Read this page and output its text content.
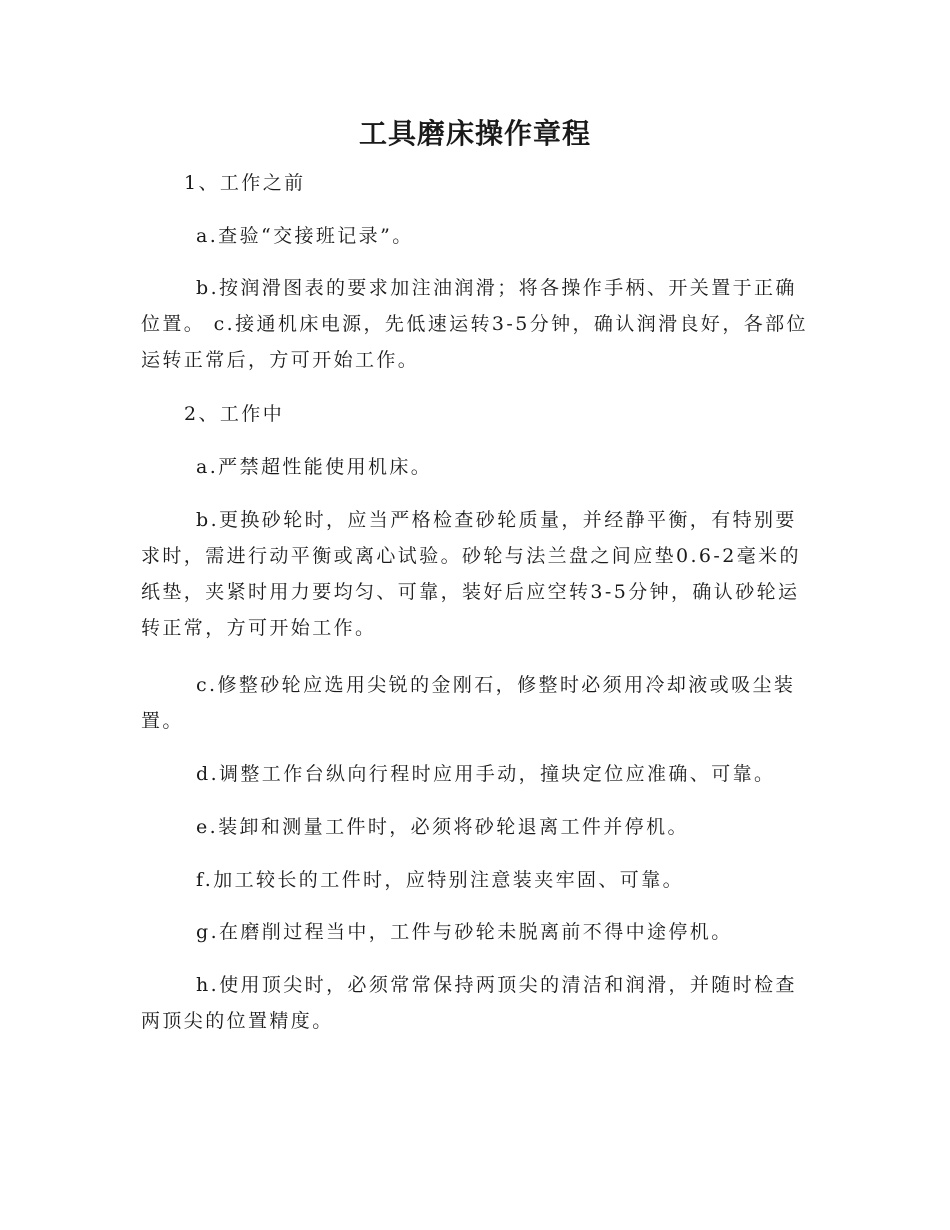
工具磨床操作章程

1、工作之前

a.查验“交接班记录”。

b.按润滑图表的要求加注油润滑；将各操作手柄、开关置于正确位置。 c.接通机床电源，先低速运转3-5分钟，确认润滑良好，各部位运转正常后，方可开始工作。

2、工作中

a.严禁超性能使用机床。

b.更换砂轮时，应当严格检查砂轮质量，并经静平衡，有特别要求时，需进行动平衡或离心试验。砂轮与法兰盘之间应垫0.6-2毫米的纸垫，夹紧时用力要均匀、可靠，装好后应空转3-5分钟，确认砂轮运转正常，方可开始工作。

c.修整砂轮应选用尖锐的金刚石，修整时必须用冷却液或吸尘装置。

d.调整工作台纵向行程时应用手动，撞块定位应准确、可靠。

e.装卸和测量工件时，必须将砂轮退离工件并停机。

f.加工较长的工件时，应特别注意装夹牢固、可靠。

g.在磨削过程当中，工件与砂轮未脱离前不得中途停机。

h.使用顶尖时，必须常常保持两顶尖的清洁和润滑，并随时检查两顶尖的位置精度。
